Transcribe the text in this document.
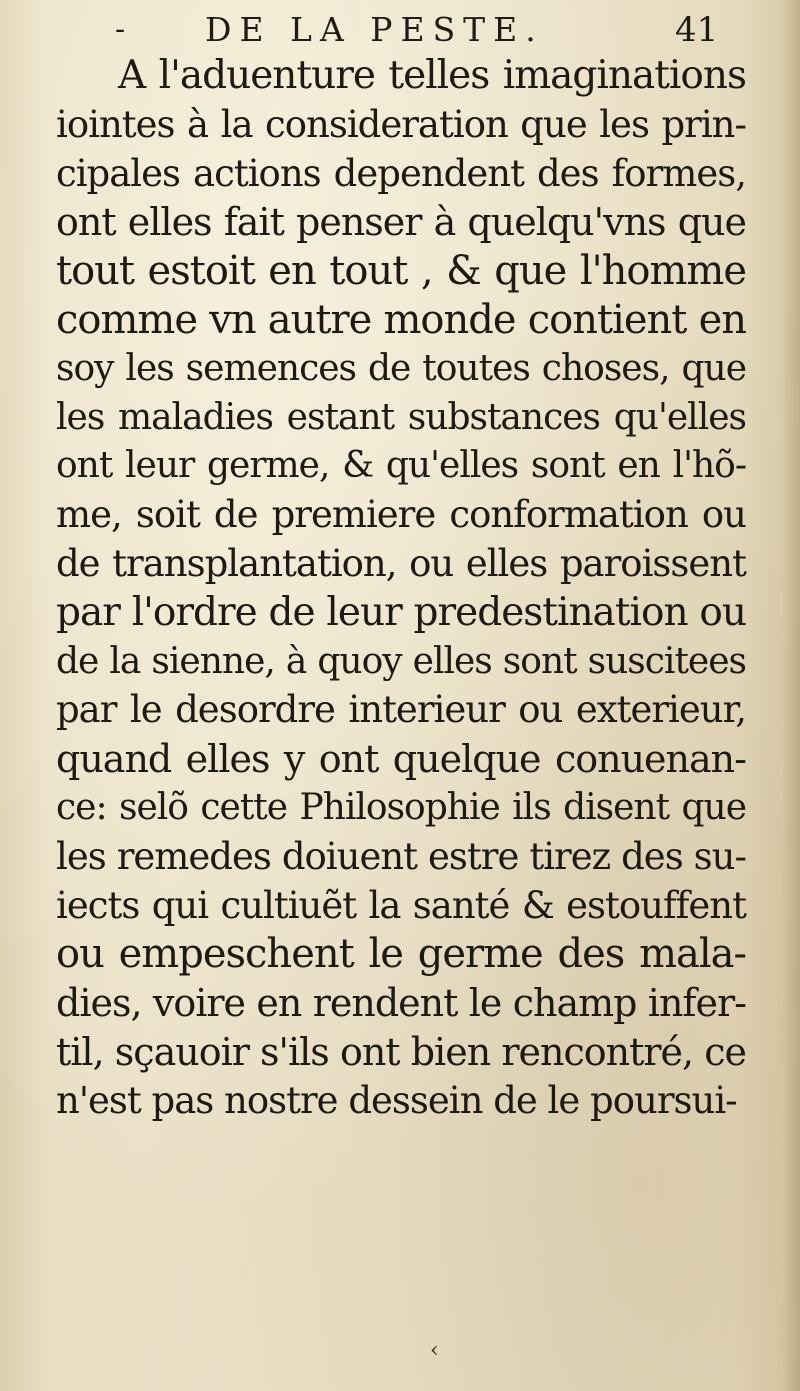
- DE LA PESTE.	41
A l'aduenture telles imaginations
iointes à la consideration que les prin-
cipales actions dependent des formes,
ont elles fait penser à quelqu'vns que
tout estoit en tout , & que l'homme
comme vn autre monde contient en
soy les semences de toutes choses, que
les maladies estant substances qu'elles
ont leur germe, & qu'elles sont en l'hõ-
me, soit de premiere conformation ou
de transplantation, ou elles paroissent
par l'ordre de leur predestination ou
de la sienne, à quoy elles sont suscitees
par le desordre interieur ou exterieur,
quand elles y ont quelque conuenan-
ce: selõ cette Philosophie ils disent que
les remedes doiuent estre tirez des su-
iects qui cultiuẽt la santé & estouffent
ou empeschent le germe des mala-
dies, voire en rendent le champ infer-
til, sçauoir s'ils ont bien rencontré, ce
n'est pas nostre dessein de le poursui-
‹
